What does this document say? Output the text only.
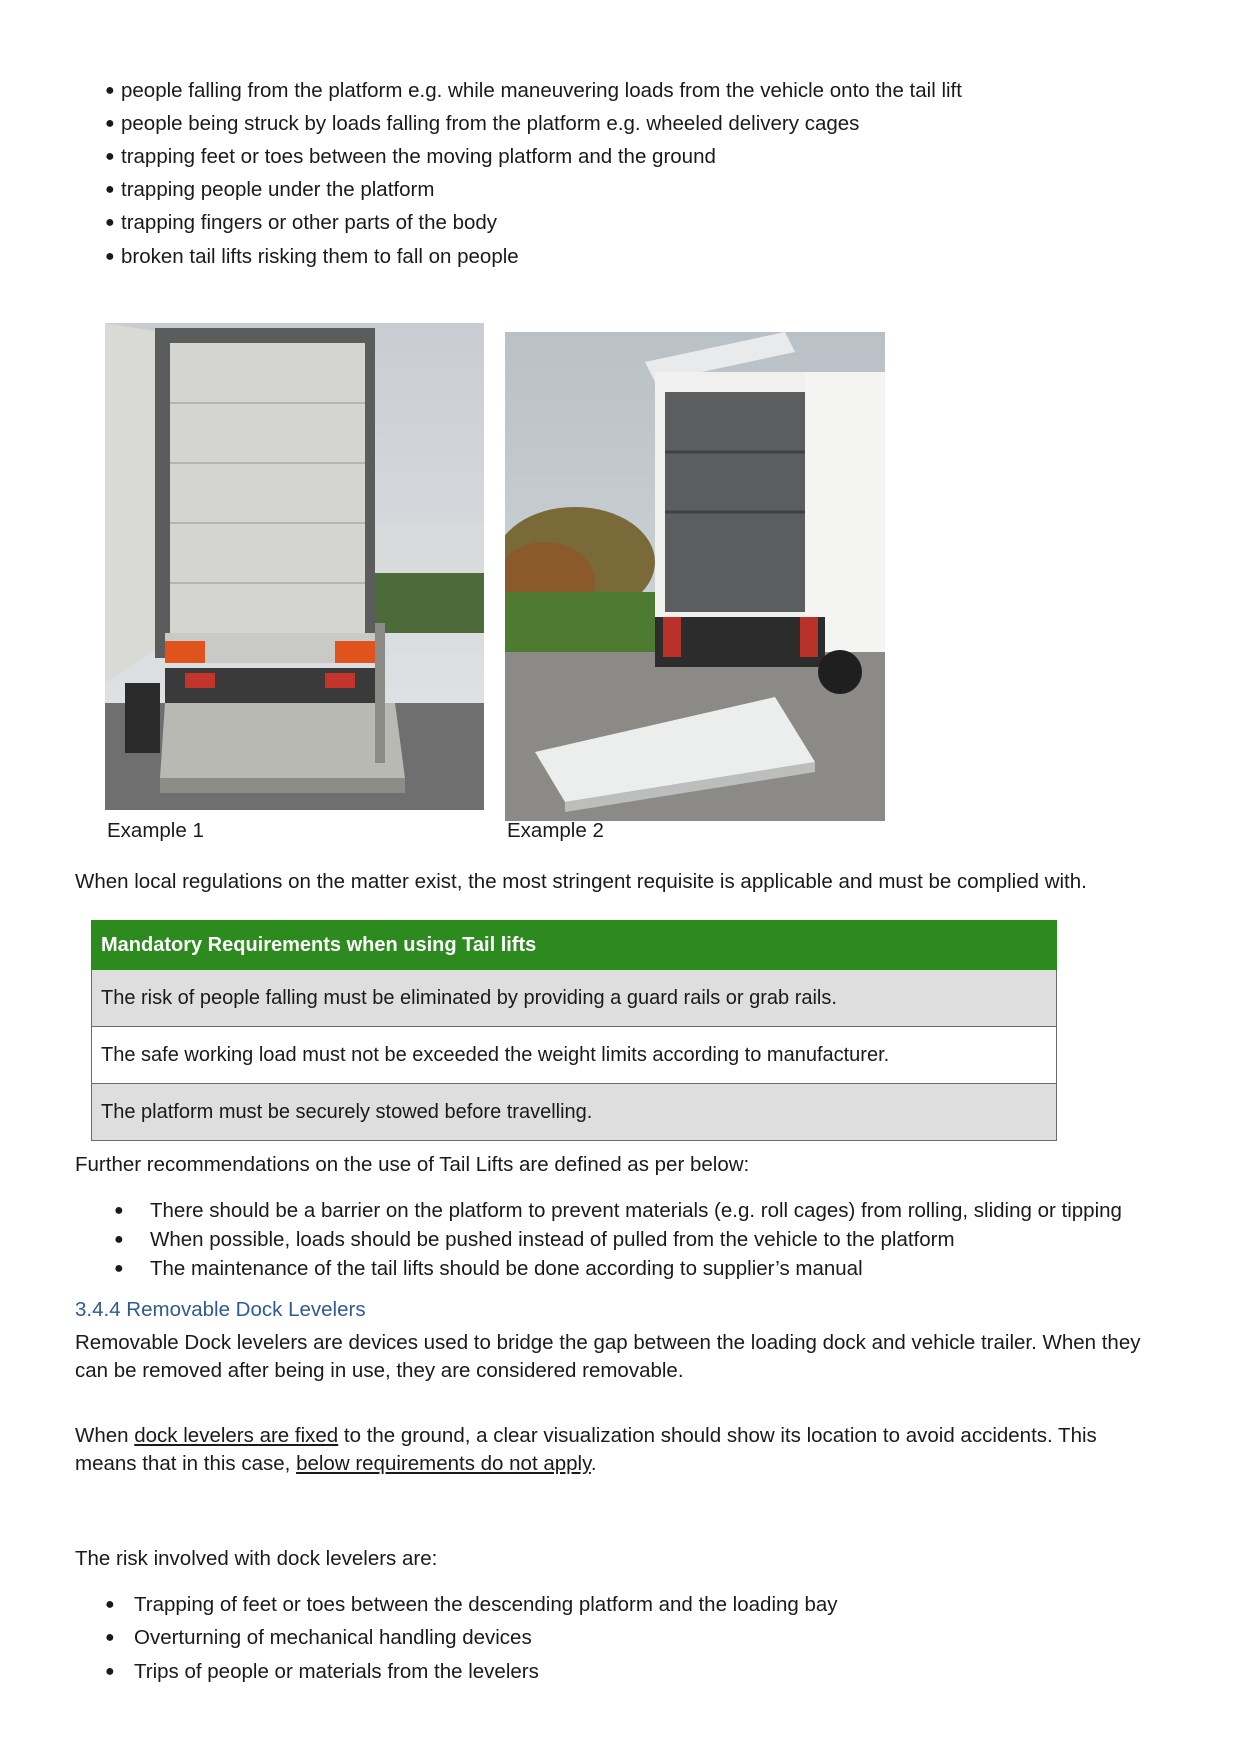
● people falling from the platform e.g. while maneuvering loads from the vehicle onto the tail lift
● people being struck by loads falling from the platform e.g. wheeled delivery cages
● trapping feet or toes between the moving platform and the ground
● trapping people under the platform
● trapping fingers or other parts of the body
● broken tail lifts risking them to fall on people
Example 1	Example 2
When local regulations on the matter exist, the most stringent requisite is applicable and must be complied with.
Mandatory Requirements when using Tail lifts
The risk of people falling must be eliminated by providing a guard rails or grab rails.
The safe working load must not be exceeded the weight limits according to manufacturer.
The platform must be securely stowed before travelling.
Further recommendations on the use of Tail Lifts are defined as per below:
● There should be a barrier on the platform to prevent materials (e.g. roll cages) from rolling, sliding or tipping
● When possible, loads should be pushed instead of pulled from the vehicle to the platform
● The maintenance of the tail lifts should be done according to supplier’s manual
3.4.4 Removable Dock Levelers
Removable Dock levelers are devices used to bridge the gap between the loading dock and vehicle trailer. When they
can be removed after being in use, they are considered removable.
When dock levelers are fixed to the ground, a clear visualization should show its location to avoid accidents. This
means that in this case, below requirements do not apply.
The risk involved with dock levelers are:
● Trapping of feet or toes between the descending platform and the loading bay
● Overturning of mechanical handling devices
● Trips of people or materials from the levelers
